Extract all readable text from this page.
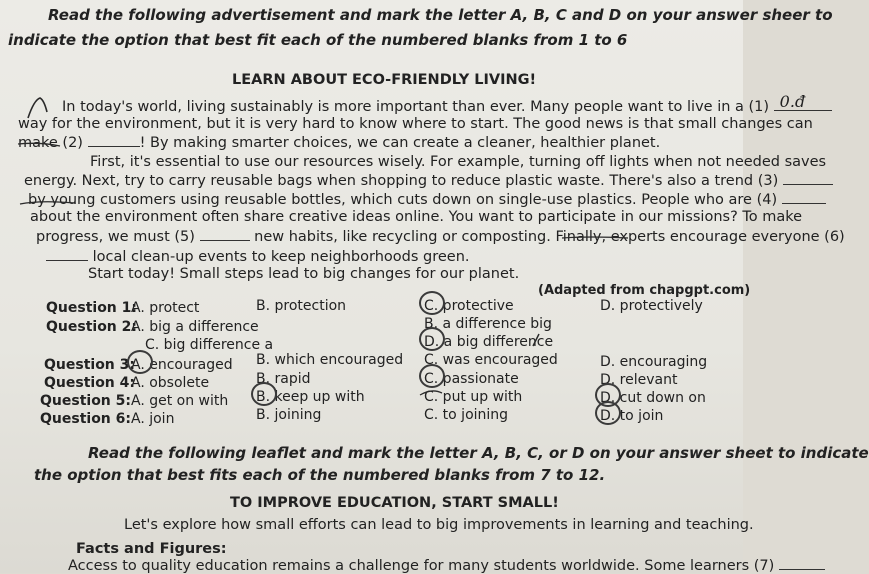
Read the following advertisement and mark the letter A, B, C and D on your answer sheer to
indicate the option that best fit each of the numbered blanks from 1 to 6
LEARN ABOUT ECO-FRIENDLY LIVING!
In today's world, living sustainably is more important than ever. Many people want to live in a (1) 0.đ
way for the environment, but it is very hard to know where to start. The good news is that small changes can
make (2)	! By making smarter choices, we can create a cleaner, healthier planet.
First, it's essential to use our resources wisely. For example, turning off lights when not needed saves
energy. Next, try to carry reusable bags when shopping to reduce plastic waste. There's also a trend (3)
by young customers using reusable bottles, which cuts down on single-use plastics. People who are (4)
about the environment often share creative ideas online. You want to participate in our missions? To make
progress, we must (5)	new habits, like recycling or composting. Finally, experts encourage everyone (6)
local clean-up events to keep neighborhoods green.
Start today! Small steps lead to big changes for our planet.
(Adapted from chapgpt.com)
Question 1:
A. protect	B. protection	C. protective	D. protectively
Question 2:
A. big a difference	B. a difference big
C. big difference a	D. a big difference
Question 3:
A. encouraged B. which encouraged C. was encouraged	D. encouraging
Question 4:
A. obsolete	B. rapid	C. passionate	D. relevant
Question 5: A. get on with B. keep up with	C. put up with	D. cut down on
Question 6: A. join	B. joining	C. to joining	D. to join
Read the following leaflet and mark the letter A, B, C, or D on your answer sheet to indicate
the option that best fits each of the numbered blanks from 7 to 12.
TO IMPROVE EDUCATION, START SMALL!
Let's explore how small efforts can lead to big improvements in learning and teaching.
Facts and Figures:
Access to quality education remains a challenge for many students worldwide. Some learners (7)
